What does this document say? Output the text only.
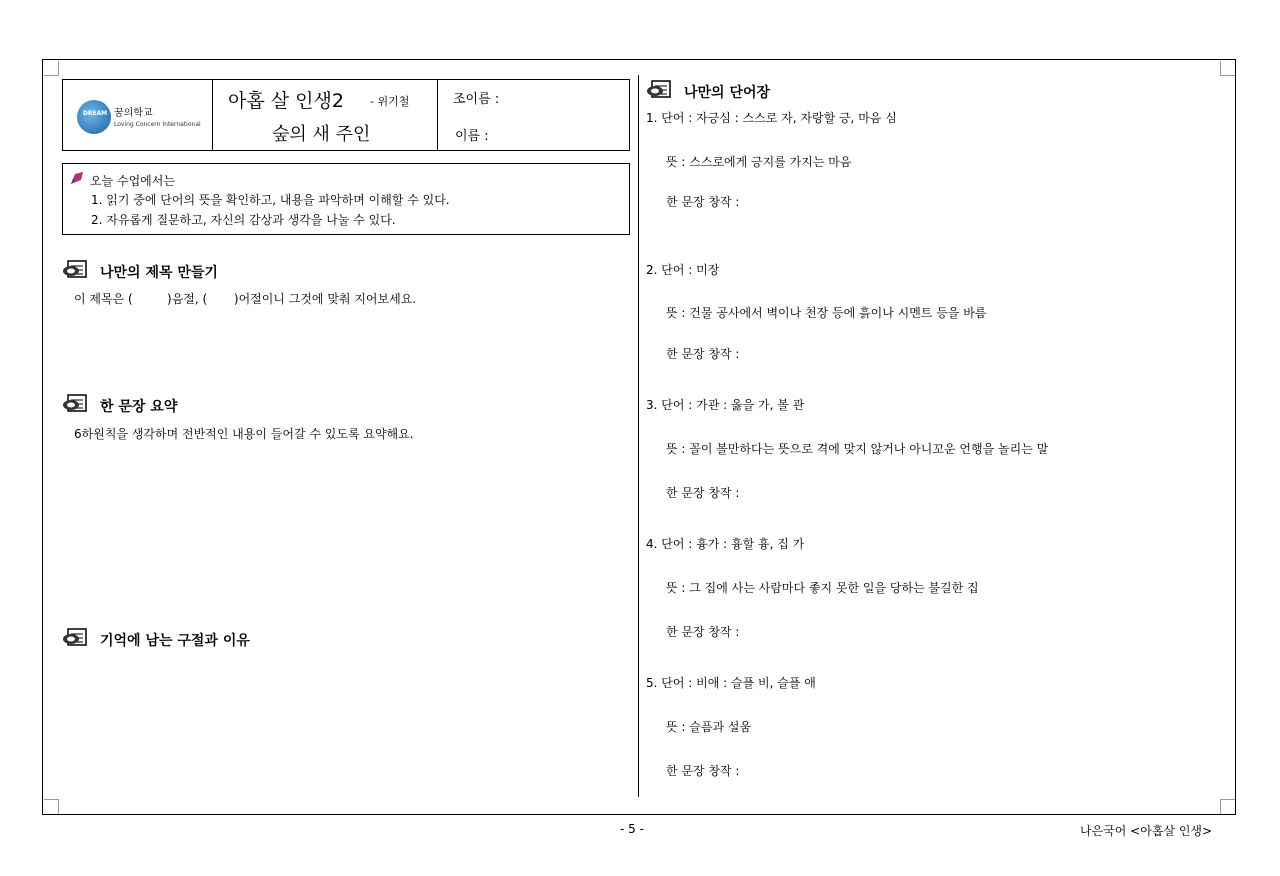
DREAM 꿈의학교
Loving Concern International
아홉 살 인생2 - 위기철
숲의 새 주인
조이름 :
이름 :
오늘 수업에서는
1. 읽기 중에 단어의 뜻을 확인하고, 내용을 파악하며 이해할 수 있다.
2. 자유롭게 질문하고, 자신의 감상과 생각을 나눌 수 있다.
나만의 제목 만들기
이 제목은 (         )음절, (       )어절이니 그것에 맞춰 지어보세요.
한 문장 요약
6하원칙을 생각하며 전반적인 내용이 들어갈 수 있도록 요약해요.
기억에 남는 구절과 이유
나만의 단어장
1. 단어 : 자긍심 : 스스로 자, 자랑할 긍, 마음 심
뜻 : 스스로에게 긍지를 가지는 마음
한 문장 창작 :
2. 단어 : 미장
뜻 : 건물 공사에서 벽이나 천장 등에 흙이나 시멘트 등을 바름
한 문장 창작 :
3. 단어 : 가관 : 옳을 가, 볼 관
뜻 : 꼴이 볼만하다는 뜻으로 격에 맞지 않거나 아니꼬운 언행을 놀리는 말
한 문장 창작 :
4. 단어 : 흉가 : 흉할 흉, 집 가
뜻 : 그 집에 사는 사람마다 좋지 못한 일을 당하는 불길한 집
한 문장 창작 :
5. 단어 : 비애 : 슬플 비, 슬플 애
뜻 : 슬픔과 설움
한 문장 창작 :
- 5 -	나은국어 <아홉살 인생>
